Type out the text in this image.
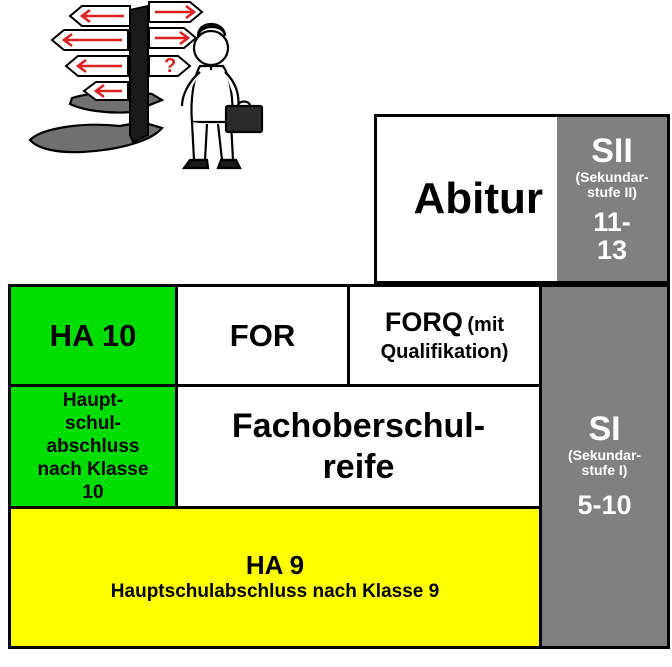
?
Abitur
SII
(Sekundar-
stufe II)
11-
13
HA 10
Haupt-
schul-
abschluss
nach Klasse
10
FOR	FORQ (mit
Qualifikation)
Fachoberschul-
reife
HA 9
Hauptschulabschluss nach Klasse 9
SI
(Sekundar-
stufe I)
5-10
